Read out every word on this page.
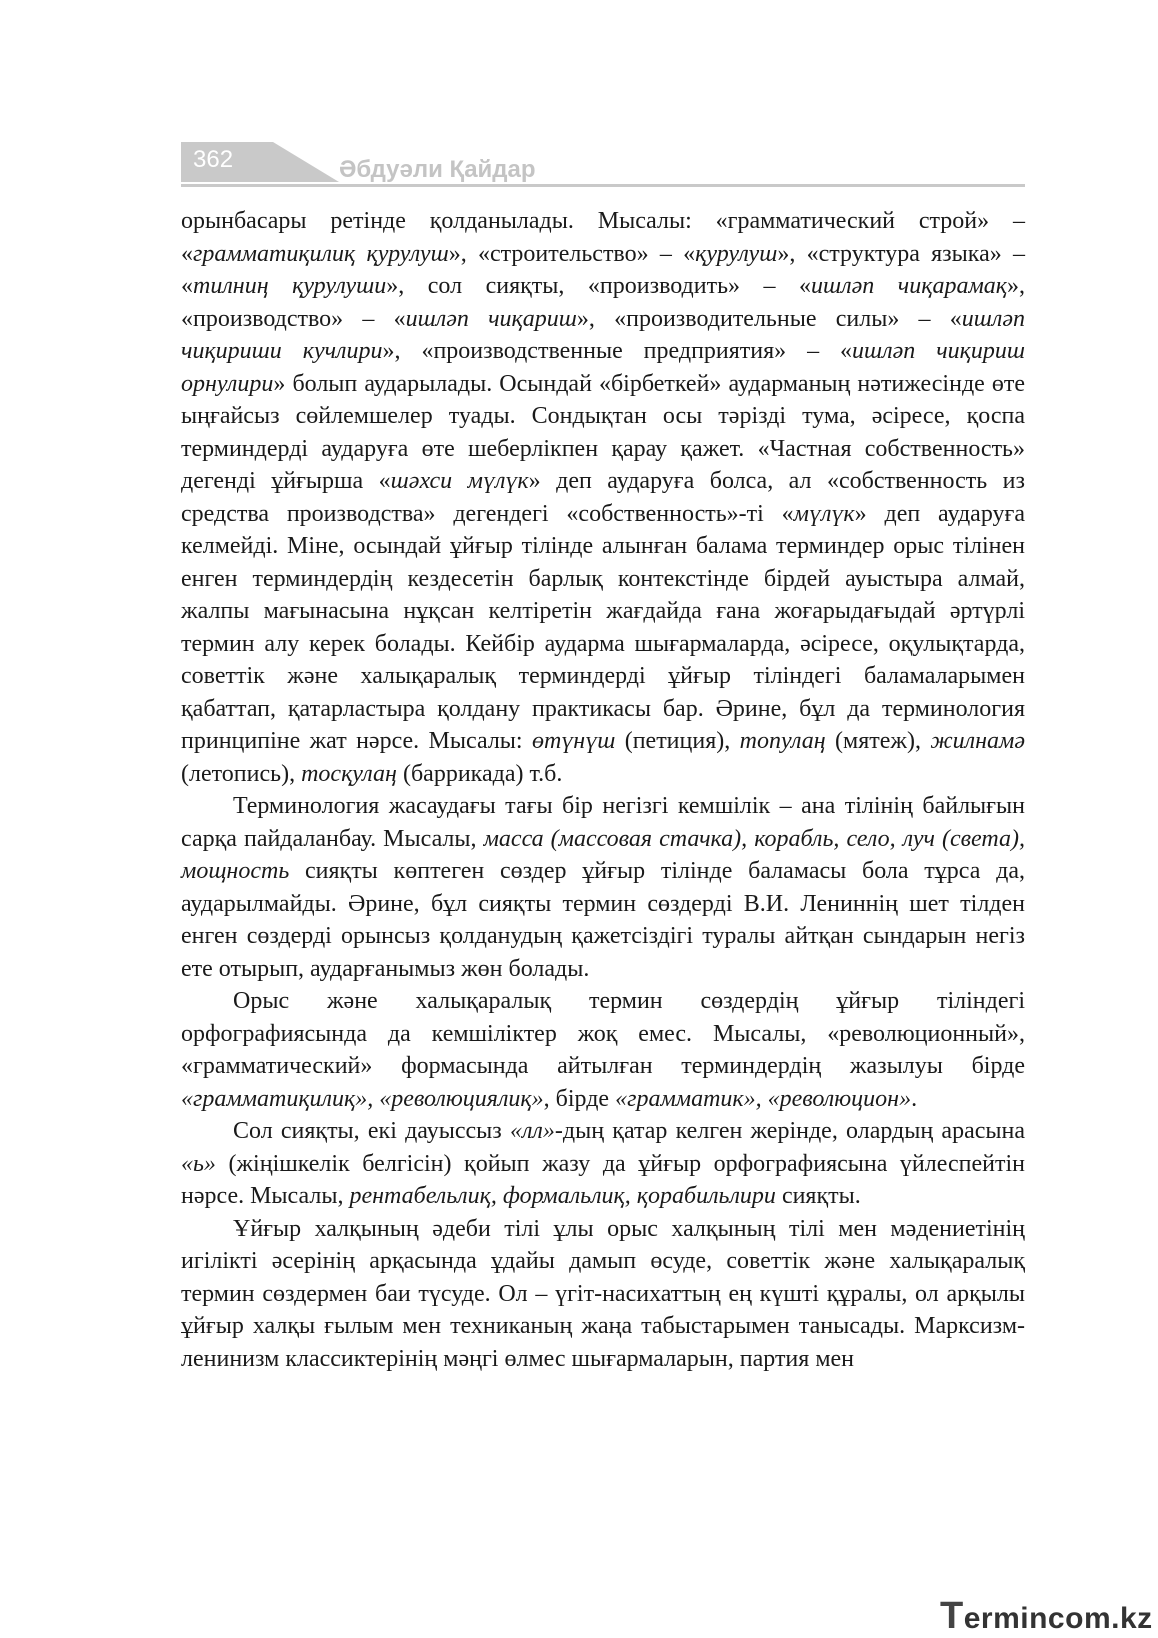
362	Әбдуәли Қайдар

орынбасары ретінде қолданылады. Мысалы: «грамматический строй» – «грамматиқилиқ қурулуш», «строительство» – «қурулуш», «структура языка» – «тилниң қурулуши», сол сияқты, «производить» – «ишләп чиқарамақ», «производство» – «ишләп чиқариш», «производительные силы» – «ишләп чиқириши кучлири», «производственные предприятия» – «ишләп чиқириш орнулири» болып аударылады. Осындай «бірбеткей» аударманың нәтижесінде өте ыңғайсыз сөйлемшелер туады. Сондықтан осы тәрізді тума, әсіресе, қоспа терминдерді аударуға өте шеберлікпен қарау қажет. «Частная собственность» дегенді ұйғырша «шәхси мүлүк» деп аударуға болса, ал «собственность из средства производства» дегендегі «собственность»-ті «мүлүк» деп аударуға келмейді. Міне, осындай ұйғыр тілінде алынған балама терминдер орыс тілінен енген терминдердің кездесетін барлық контекстінде бірдей ауыстыра алмай, жалпы мағынасына нұқсан келтіретін жағдайда ғана жоғарыдағыдай әртүрлі термин алу керек болады. Кейбір аударма шығармаларда, әсіресе, оқулықтарда, советтік және халықаралық терминдерді ұйғыр тіліндегі баламаларымен қабаттап, қатарластыра қолдану практикасы бар. Әрине, бұл да терминология принципіне жат нәрсе. Мысалы: өтүнүш (петиция), топулаң (мятеж), жилнамә (летопись), тосқулаң (баррикада) т.б.

Терминология жасаудағы тағы бір негізгі кемшілік – ана тілінің байлығын сарқа пайдаланбау. Мысалы, масса (массовая стачка), корабль, село, луч (света), мощность сияқты көптеген сөздер ұйғыр тілінде баламасы бола тұрса да, аударылмайды. Әрине, бұл сияқты термин сөздерді В.И. Лениннің шет тілден енген сөздерді орынсыз қолданудың қажетсіздігі туралы айтқан сындарын негіз ете отырып, аударғанымыз жөн болады.

Орыс және халықаралық термин сөздердің ұйғыр тіліндегі орфографиясында да кемшіліктер жоқ емес. Мысалы, «революционный», «грамматический» формасында айтылған терминдердің жазылуы бірде «грамматиқилиқ», «революциялиқ», бірде «грамматик», «революцион».

Сол сияқты, екі дауыссыз «лл»-дың қатар келген жерінде, олардың арасына «ь» (жіңішкелік белгісін) қойып жазу да ұйғыр орфографиясына үйлеспейтін нәрсе. Мысалы, рентабельлиқ, формальлиқ, қорабильлири сияқты.

Ұйғыр халқының әдеби тілі ұлы орыс халқының тілі мен мәдениетінің игілікті әсерінің арқасында ұдайы дамып өсуде, советтік және халықаралық термин сөздермен баи түсуде. Ол – үгіт-насихаттың ең күшті құралы, ол арқылы ұйғыр халқы ғылым мен техниканың жаңа табыстарымен танысады. Марксизм-ленинизм классиктерінің мәңгі өлмес шығармаларын, партия мен

Termincom.kz
